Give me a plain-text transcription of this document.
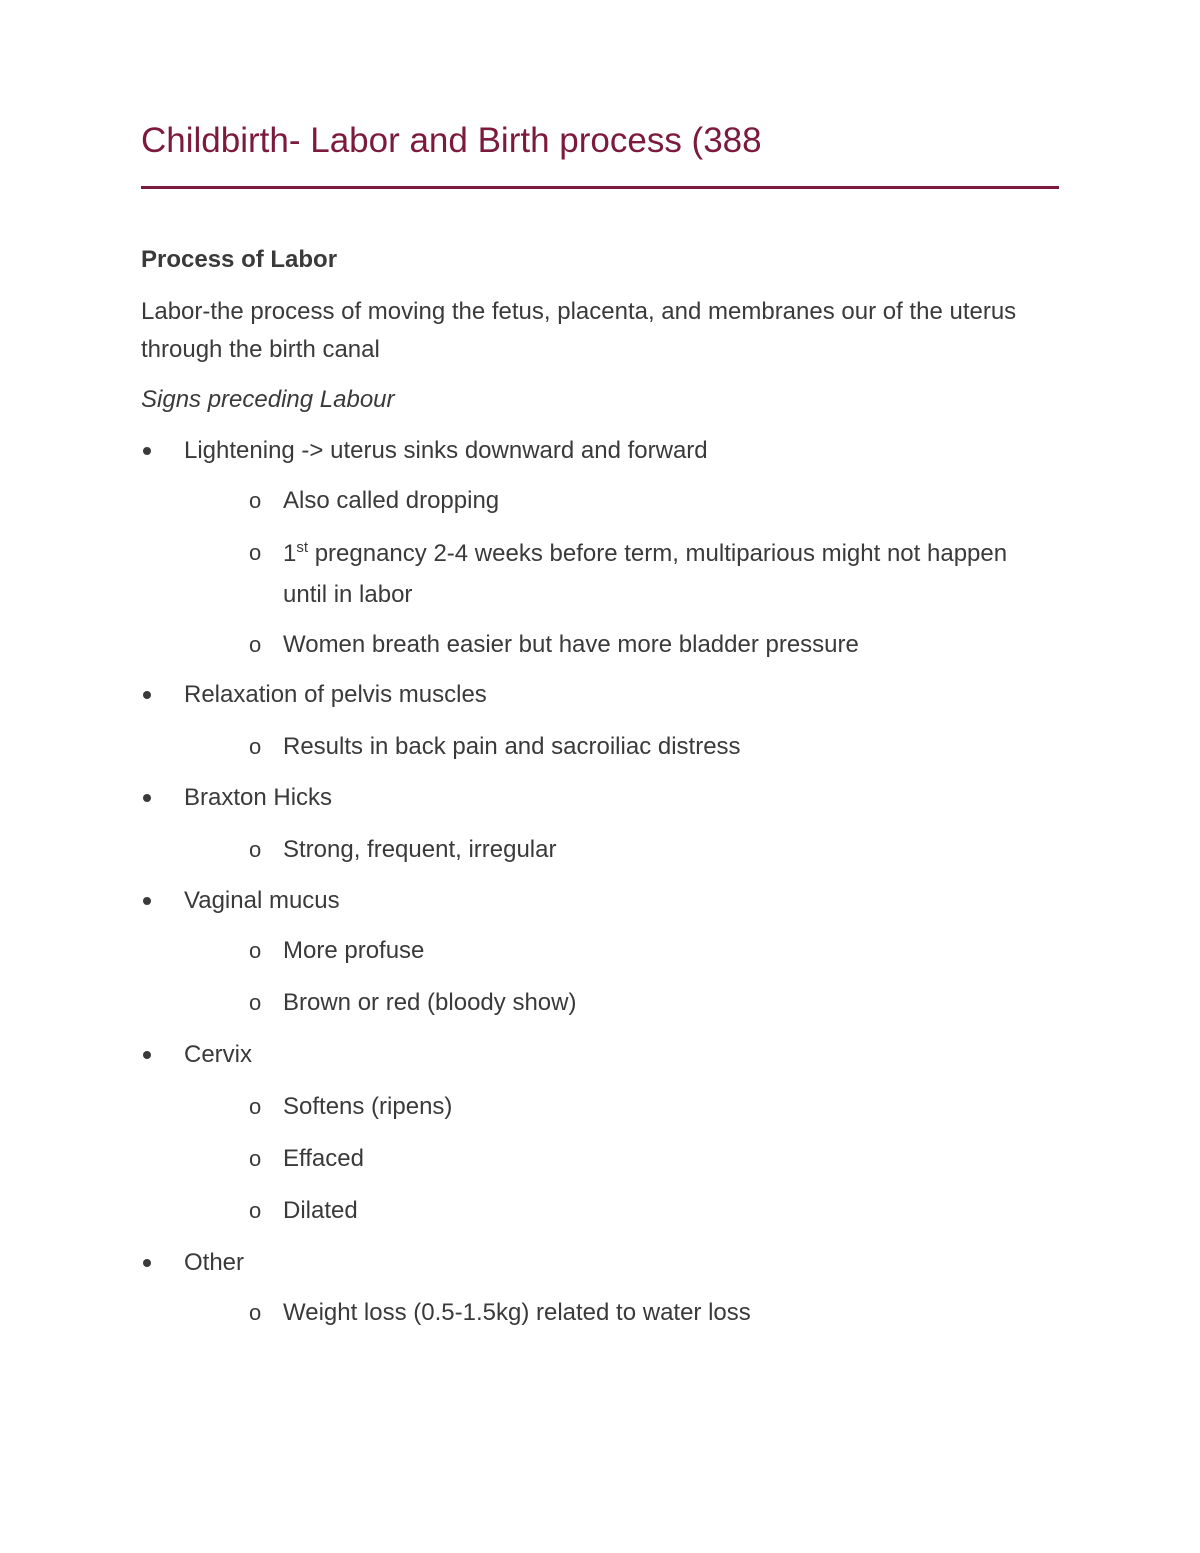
Childbirth- Labor and Birth process (388

Process of Labor

Labor-the process of moving the fetus, placenta, and membranes our of the uterus through the birth canal

Signs preceding Labour

Lightening -> uterus sinks downward and forward

o Also called dropping

o 1st pregnancy 2-4 weeks before term, multiparious might not happen until in labor

o Women breath easier but have more bladder pressure

Relaxation of pelvis muscles

o Results in back pain and sacroiliac distress

Braxton Hicks

o Strong, frequent, irregular

Vaginal mucus

o More profuse

o Brown or red (bloody show)

Cervix

o Softens (ripens)

o Effaced

o Dilated

Other

o Weight loss (0.5-1.5kg) related to water loss
